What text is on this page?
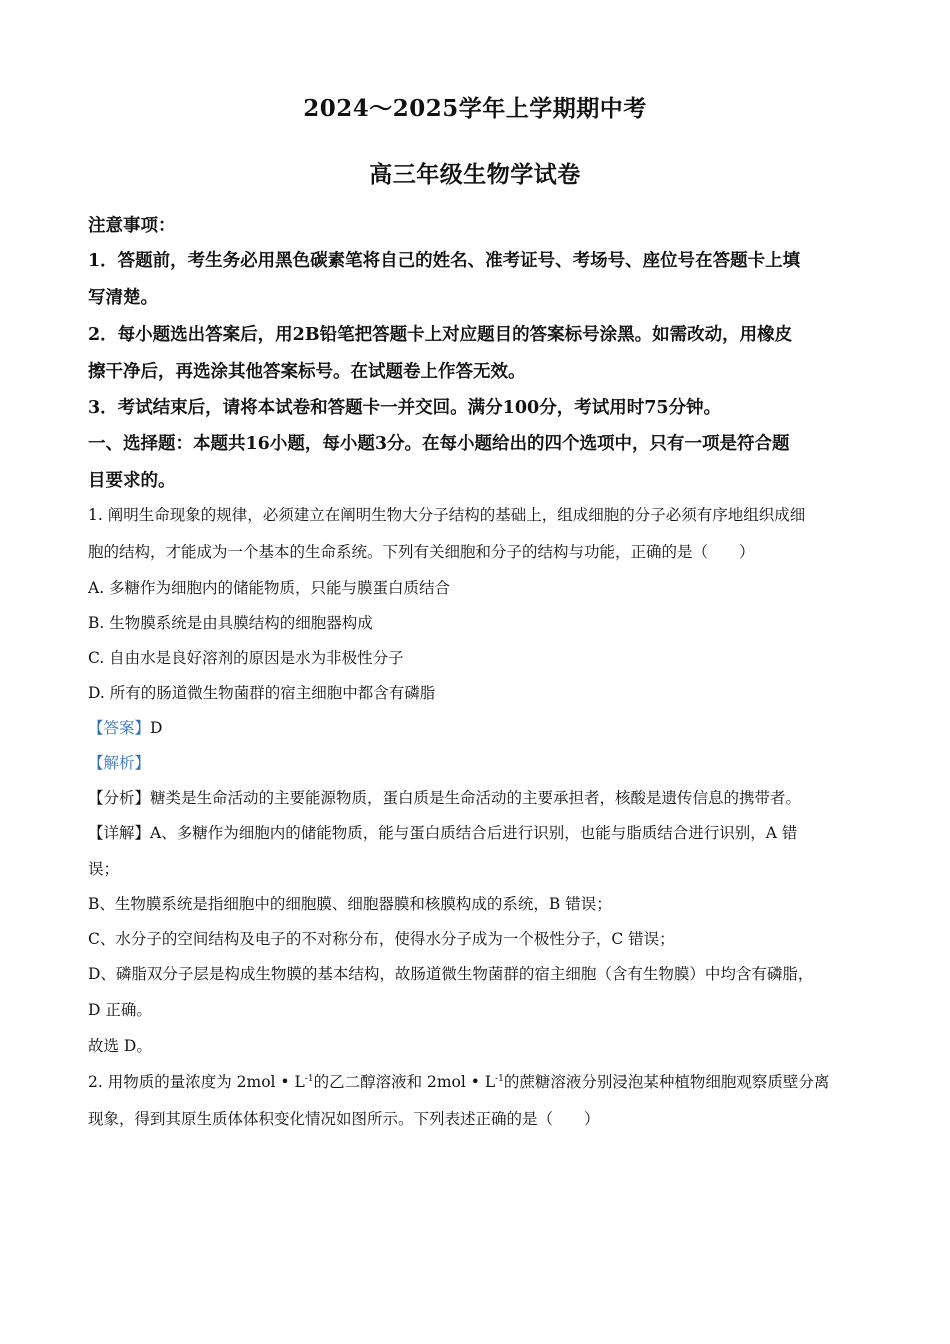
2024～2025学年上学期期中考
高三年级生物学试卷
注意事项：
1．答题前，考生务必用黑色碳素笔将自己的姓名、准考证号、考场号、座位号在答题卡上填
写清楚。
2．每小题选出答案后，用2B铅笔把答题卡上对应题目的答案标号涂黑。如需改动，用橡皮
擦干净后，再选涂其他答案标号。在试题卷上作答无效。
3．考试结束后，请将本试卷和答题卡一并交回。满分100分，考试用时75分钟。
一、选择题：本题共16小题，每小题3分。在每小题给出的四个选项中，只有一项是符合题
目要求的。
1. 阐明生命现象的规律，必须建立在阐明生物大分子结构的基础上，组成细胞的分子必须有序地组织成细
胞的结构，才能成为一个基本的生命系统。下列有关细胞和分子的结构与功能，正确的是（　　）
A. 多糖作为细胞内的储能物质，只能与膜蛋白质结合
B. 生物膜系统是由具膜结构的细胞器构成
C. 自由水是良好溶剂的原因是水为非极性分子
D. 所有的肠道微生物菌群的宿主细胞中都含有磷脂
【答案】D
【解析】
【分析】糖类是生命活动的主要能源物质，蛋白质是生命活动的主要承担者，核酸是遗传信息的携带者。
【详解】A、多糖作为细胞内的储能物质，能与蛋白质结合后进行识别，也能与脂质结合进行识别，A 错
误；
B、生物膜系统是指细胞中的细胞膜、细胞器膜和核膜构成的系统，B 错误；
C、水分子的空间结构及电子的不对称分布，使得水分子成为一个极性分子，C 错误；
D、磷脂双分子层是构成生物膜的基本结构，故肠道微生物菌群的宿主细胞（含有生物膜）中均含有磷脂，
D 正确。
故选 D。
2. 用物质的量浓度为 2mol • $L^{-1}$的乙二醇溶液和 2mol • $L^{-1}$的蔗糖溶液分别浸泡某种植物细胞观察质壁分离
现象，得到其原生质体体积变化情况如图所示。下列表述正确的是（　　）
